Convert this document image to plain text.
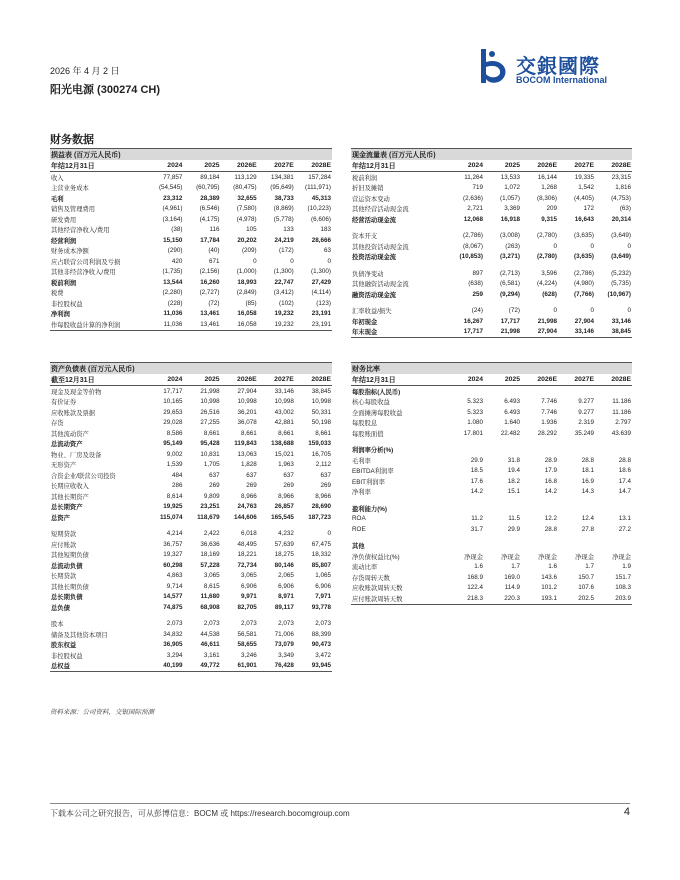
2026 年 4 月 2 日
阳光电源 (300274 CH)
交銀國際
BOCOM International
财务数据
损益表 (百万元人民币)					
年结12月31日	2024	2025	2026E	2027E	2028E
收入	77,857	89,184	113,129	134,381	157,284
主营业务成本	(54,545)	(60,795)	(80,475)	(95,649)	(111,971)
毛利	23,312	28,389	32,655	38,733	45,313
销售及管理费用	(4,961)	(6,546)	(7,580)	(8,869)	(10,223)
研发费用	(3,164)	(4,175)	(4,978)	(5,778)	(6,606)
其他经营净收入/费用	(38)	116	105	133	183
经营利润	15,150	17,784	20,202	24,219	28,666
财务成本净额	(290)	(40)	(209)	(172)	63
应占联营公司利润及亏损	420	671	0	0	0
其他非经营净收入/费用	(1,735)	(2,156)	(1,000)	(1,300)	(1,300)
税前利润	13,544	16,260	18,993	22,747	27,429
税费	(2,280)	(2,727)	(2,849)	(3,412)	(4,114)
非控股权益	(228)	(72)	(85)	(102)	(123)
净利润	11,036	13,461	16,058	19,232	23,191
作每股收益计算的净利润	11,036	13,461	16,058	19,232	23,191
现金流量表 (百万元人民币)					
年结12月31日	2024	2025	2026E	2027E	2028E
税前利润	11,264	13,533	16,144	19,335	23,315
折旧及摊销	719	1,072	1,268	1,542	1,816
营运资本变动	(2,636)	(1,057)	(8,306)	(4,405)	(4,753)
其他经营活动现金流	2,721	3,369	209	172	(63)
经营活动现金流	12,068	16,918	9,315	16,643	20,314

资本开支	(2,786)	(3,008)	(2,780)	(3,635)	(3,649)
其他投资活动现金流	(8,067)	(263)	0	0	0
投资活动现金流	(10,853)	(3,271)	(2,780)	(3,635)	(3,649)

负债净变动	897	(2,713)	3,596	(2,786)	(5,232)
其他融资活动现金流	(638)	(6,581)	(4,224)	(4,980)	(5,735)
融资活动现金流	259	(9,294)	(628)	(7,766)	(10,967)

汇率收益/损失	(24)	(72)	0	0	0
年初现金	16,267	17,717	21,998	27,904	33,146
年末现金	17,717	21,998	27,904	33,146	38,845
资产负债表 (百万元人民币)					
截至12月31日	2024	2025	2026E	2027E	2028E
现金及现金等价物	17,717	21,998	27,904	33,146	38,845
有价证券	10,165	10,998	10,998	10,998	10,998
应收账款及票据	29,653	26,516	36,201	43,002	50,331
存货	29,028	27,255	36,078	42,881	50,198
其他流动资产	8,586	8,661	8,661	8,661	8,661
总流动资产	95,149	95,428	119,843	138,688	159,033
物业、厂房及设备	9,002	10,831	13,063	15,021	16,705
无形资产	1,539	1,705	1,828	1,963	2,112
合资企业/联营公司投资	484	637	637	637	637
长期应收收入	286	269	269	269	269
其他长期资产	8,614	9,809	8,966	8,966	8,966
总长期资产	19,925	23,251	24,763	26,857	28,690
总资产	115,074	118,679	144,606	165,545	187,723

短期贷款	4,214	2,422	6,018	4,232	0
应付账款	36,757	36,636	48,495	57,639	67,475
其他短期负债	19,327	18,169	18,221	18,275	18,332
总流动负债	60,298	57,228	72,734	80,146	85,807
长期贷款	4,863	3,065	3,065	2,065	1,065
其他长期负债	9,714	8,615	6,906	6,906	6,906
总长期负债	14,577	11,680	9,971	8,971	7,971
总负债	74,875	68,908	82,705	89,117	93,778

股本	2,073	2,073	2,073	2,073	2,073
储备及其他资本项目	34,832	44,538	56,581	71,006	88,399
股东权益	36,905	46,611	58,655	73,079	90,473
非控股权益	3,294	3,161	3,246	3,349	3,472
总权益	40,199	49,772	61,901	76,428	93,945
财务比率					
年结12月31日	2024	2025	2026E	2027E	2028E
每股指标(人民币)					
核心每股收益	5.323	6.493	7.746	9.277	11.186
全面摊薄每股收益	5.323	6.493	7.746	9.277	11.186
每股股息	1.080	1.640	1.936	2.319	2.797
每股账面值	17.801	22.482	28.292	35.249	43.639

利润率分析(%)					
毛利率	29.9	31.8	28.9	28.8	28.8
EBITDA利润率	18.5	19.4	17.9	18.1	18.6
EBIT利润率	17.6	18.2	16.8	16.9	17.4
净利率	14.2	15.1	14.2	14.3	14.7

盈利能力(%)					
ROA	11.2	11.5	12.2	12.4	13.1
ROE	31.7	29.9	28.8	27.8	27.2

其他					
净负债权益比(%)	净现金	净现金	净现金	净现金	净现金
流动比率	1.6	1.7	1.6	1.7	1.9
存货周转天数	168.9	169.0	143.6	150.7	151.7
应收账款周转天数	122.4	114.9	101.2	107.6	108.3
应付账款周转天数	218.3	220.3	193.1	202.5	203.9
资料来源：公司资料，交银国际预测
下载本公司之研究报告，可从彭博信息：BOCM 或 https://research.bocomgroup.com	4
